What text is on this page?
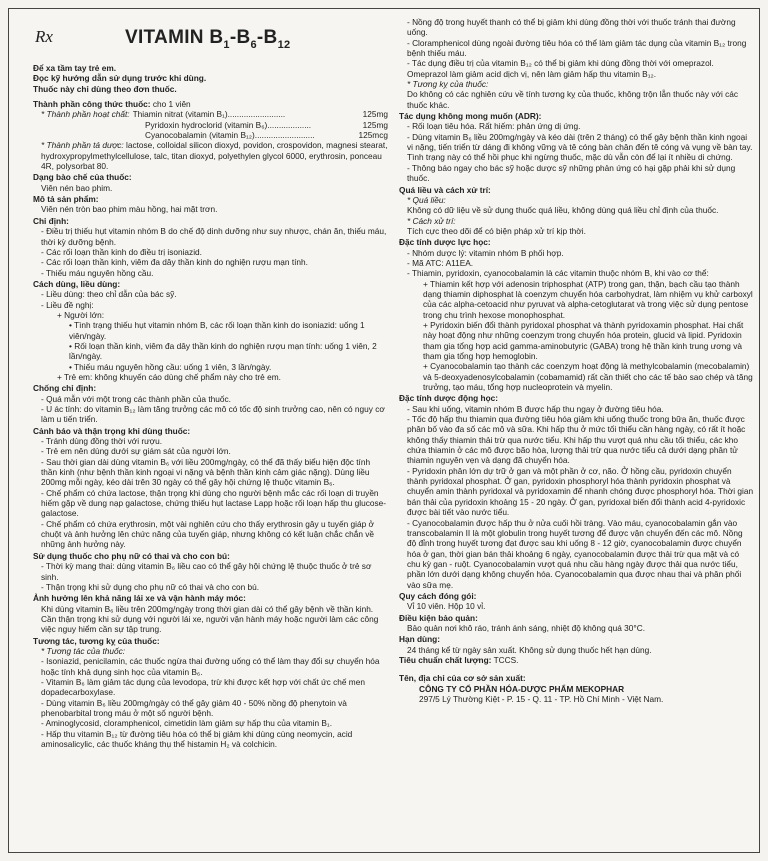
Rx	VITAMIN $B_1-B_6-B_{12}$

Để xa tầm tay trẻ em.

Đọc kỹ hướng dẫn sử dụng trước khi dùng.

Thuốc này chỉ dùng theo đơn thuốc.

Thành phần công thức thuốc: cho 1 viên

* Thành phần hoạt chất: Thiamin nitrat (vitamin B₁).........................	125mg
Pyridoxin hydroclorid (vitamin B₆)...................	125mg
Cyanocobalamin (vitamin B₁₂)..........................	125mcg

* Thành phần tá dược: lactose, colloidal silicon dioxyd, povidon, crospovidon, magnesi stearat, hydroxypropylmethylcellulose, talc, titan dioxyd, polyethylen glycol 6000, erythrosin, ponceau 4R, polysorbat 80.

Dạng bào chế của thuốc:

Viên nén bao phim.

Mô tả sản phẩm:

Viên nén tròn bao phim màu hồng, hai mặt trơn.

Chỉ định:

- Điều trị thiếu hụt vitamin nhóm B do chế độ dinh dưỡng như suy nhược, chán ăn, thiếu máu, thời kỳ dưỡng bệnh.

- Các rối loạn thần kinh do điều trị isoniazid.

- Các rối loạn thần kinh, viêm đa dây thần kinh do nghiện rượu mạn tính.

- Thiếu máu nguyên hồng cầu.

Cách dùng, liều dùng:

- Liều dùng: theo chỉ dẫn của bác sỹ.

- Liều đề nghị:

+ Người lớn:

• Tình trạng thiếu hụt vitamin nhóm B, các rối loạn thần kinh do isoniazid: uống 1 viên/ngày.

• Rối loạn thần kinh, viêm đa dây thần kinh do nghiện rượu mạn tính: uống 1 viên, 2 lần/ngày.

• Thiếu máu nguyên hồng cầu: uống 1 viên, 3 lần/ngày.

+ Trẻ em: không khuyến cáo dùng chế phẩm này cho trẻ em.

Chống chỉ định:

- Quá mẫn với một trong các thành phần của thuốc.

- U ác tính: do vitamin B₁₂ làm tăng trưởng các mô có tốc độ sinh trưởng cao, nên có nguy cơ làm u tiến triển.

Cảnh báo và thận trọng khi dùng thuốc:

- Tránh dùng đồng thời với rượu.

- Trẻ em nên dùng dưới sự giám sát của người lớn.

- Sau thời gian dài dùng vitamin B₆ với liều 200mg/ngày, có thể đã thấy biểu hiện độc tính thần kinh (như bệnh thần kinh ngoại vi nặng và bệnh thần kinh cảm giác nặng). Dùng liều 200mg mỗi ngày, kéo dài trên 30 ngày có thể gây hội chứng lệ thuộc vitamin B₆.

- Chế phẩm có chứa lactose, thận trọng khi dùng cho người bệnh mắc các rối loạn di truyền hiếm gặp về dung nạp galactose, chứng thiếu hụt lactase Lapp hoặc rối loạn hấp thu glucose-galactose.

- Chế phẩm có chứa erythrosin, một vài nghiên cứu cho thấy erythrosin gây u tuyến giáp ở chuột và ảnh hưởng lên chức năng của tuyến giáp, nhưng không có kết luận chắc chắn về những ảnh hưởng này.

Sử dụng thuốc cho phụ nữ có thai và cho con bú:

- Thời kỳ mang thai: dùng vitamin B₆ liều cao có thể gây hội chứng lệ thuộc thuốc ở trẻ sơ sinh.

- Thận trọng khi sử dụng cho phụ nữ có thai và cho con bú.

Ảnh hưởng lên khả năng lái xe và vận hành máy móc:

Khi dùng vitamin B₆ liều trên 200mg/ngày trong thời gian dài có thể gây bệnh về thần kinh. Cần thận trọng khi sử dụng với người lái xe, người vận hành máy hoặc người làm các công việc nguy hiểm cần sự tập trung.

Tương tác, tương kỵ của thuốc:

* Tương tác của thuốc:

- Isoniazid, penicilamin, các thuốc ngừa thai đường uống có thể làm thay đổi sự chuyển hóa hoặc tính khả dụng sinh học của vitamin B₆.

- Vitamin B₆ làm giảm tác dụng của levodopa, trừ khi được kết hợp với chất ức chế men dopadecarboxylase.

- Dùng vitamin B₆ liều 200mg/ngày có thể gây giảm 40 - 50% nồng độ phenytoin và phenobarbital trong máu ở một số người bệnh.

- Aminoglycosid, cloramphenicol, cimetidin làm giảm sự hấp thu của vitamin B₁.

- Hấp thu vitamin B₁₂ từ đường tiêu hóa có thể bị giảm khi dùng cùng neomycin, acid aminosalicylic, các thuốc kháng thụ thể histamin H₂ và colchicin.

- Nồng độ trong huyết thanh có thể bị giảm khi dùng đồng thời với thuốc tránh thai đường uống.

- Cloramphenicol dùng ngoài đường tiêu hóa có thể làm giảm tác dụng của vitamin B₁₂ trong bệnh thiếu máu.

- Tác dụng điều trị của vitamin B₁₂ có thể bị giảm khi dùng đồng thời với omeprazol. Omeprazol làm giảm acid dịch vị, nên làm giảm hấp thu vitamin B₁₂.

* Tương kỵ của thuốc:

Do không có các nghiên cứu về tính tương kỵ của thuốc, không trộn lẫn thuốc này với các thuốc khác.

Tác dụng không mong muốn (ADR):

- Rối loạn tiêu hóa. Rất hiếm: phản ứng dị ứng.

- Dùng vitamin B₆ liều 200mg/ngày và kéo dài (trên 2 tháng) có thể gây bệnh thần kinh ngoại vi nặng, tiến triển từ dáng đi không vững và tê cóng bàn chân đến tê cóng và vụng về bàn tay. Tình trạng này có thể hồi phục khi ngừng thuốc, mặc dù vẫn còn để lại ít nhiều di chứng.

- Thông báo ngay cho bác sỹ hoặc dược sỹ những phản ứng có hại gặp phải khi sử dụng thuốc.

Quá liều và cách xử trí:

* Quá liều:

Không có dữ liệu về sử dụng thuốc quá liều, không dùng quá liều chỉ định của thuốc.

* Cách xử trí:

Tích cực theo dõi để có biện pháp xử trí kịp thời.

Đặc tính dược lực học:

- Nhóm dược lý: vitamin nhóm B phối hợp.

- Mã ATC: A11EA.

- Thiamin, pyridoxin, cyanocobalamin là các vitamin thuộc nhóm B, khi vào cơ thể:

+ Thiamin kết hợp với adenosin triphosphat (ATP) trong gan, thận, bạch cầu tạo thành dạng thiamin diphosphat là coenzym chuyển hóa carbohydrat, làm nhiệm vụ khử carboxyl của các alpha-cetoacid như pyruvat và alpha-cetoglutarat và trong việc sử dụng pentose trong chu trình hexose monophosphat.

+ Pyridoxin biến đổi thành pyridoxal phosphat và thành pyridoxamin phosphat. Hai chất này hoạt động như những coenzym trong chuyển hóa protein, glucid và lipid. Pyridoxin tham gia tổng hợp acid gamma-aminobutyric (GABA) trong hệ thần kinh trung ương và tham gia tổng hợp hemoglobin.

+ Cyanocobalamin tạo thành các coenzym hoạt động là methylcobalamin (mecobalamin) và 5-deoxyadenosylcobalamin (cobamamid) rất cần thiết cho các tế bào sao chép và tăng trưởng, tạo máu, tổng hợp nucleoprotein và myelin.

Đặc tính dược động học:

- Sau khi uống, vitamin nhóm B được hấp thu ngay ở đường tiêu hóa.

- Tốc độ hấp thu thiamin qua đường tiêu hóa giảm khi uống thuốc trong bữa ăn, thuốc được phân bố vào đa số các mô và sữa. Khi hấp thu ở mức tối thiểu cần hàng ngày, có rất ít hoặc không thấy thiamin thải trừ qua nước tiểu. Khi hấp thu vượt quá nhu cầu tối thiểu, các kho chứa thiamin ở các mô được bão hòa, lượng thải trừ qua nước tiểu cả dưới dạng phân tử thiamin nguyên vẹn và dạng đã chuyển hóa.

- Pyridoxin phân lớn dự trữ ở gan và một phần ở cơ, não. Ở hồng cầu, pyridoxin chuyển thành pyridoxal phosphat. Ở gan, pyridoxin phosphoryl hóa thành pyridoxin phosphat và chuyển amin thành pyridoxal và pyridoxamin để nhanh chóng được phosphoryl hóa. Thời gian bán thải của pyridoxin khoảng 15 - 20 ngày. Ở gan, pyridoxal biến đổi thành acid 4-pyridoxic được bài tiết vào nước tiểu.

- Cyanocobalamin được hấp thu ở nửa cuối hồi tràng. Vào máu, cyanocobalamin gắn vào transcobalamin II là một globulin trong huyết tương để được vận chuyển đến các mô. Nồng độ đỉnh trong huyết tương đạt được sau khi uống 8 - 12 giờ, cyanocobalamin được chuyển hóa ở gan, thời gian bán thải khoảng 6 ngày, cyanocobalamin được thải trừ qua mật và có chu kỳ gan - ruột. Cyanocobalamin vượt quá nhu cầu hàng ngày được thải qua nước tiểu, phần lớn dưới dạng không chuyển hóa. Cyanocobalamin qua được nhau thai và phân phối vào sữa mẹ.

Quy cách đóng gói:

Vỉ 10 viên. Hộp 10 vỉ.

Điều kiện bảo quản:

Bảo quản nơi khô ráo, tránh ánh sáng, nhiệt độ không quá 30°C.

Hạn dùng:

24 tháng kể từ ngày sản xuất. Không sử dụng thuốc hết hạn dùng.

Tiêu chuẩn chất lượng: TCCS.

Tên, địa chỉ của cơ sở sản xuất:

CÔNG TY CỔ PHẦN HÓA-DƯỢC PHẨM MEKOPHAR

297/5 Lý Thường Kiệt - P. 15 - Q. 11 - TP. Hồ Chí Minh - Việt Nam.
